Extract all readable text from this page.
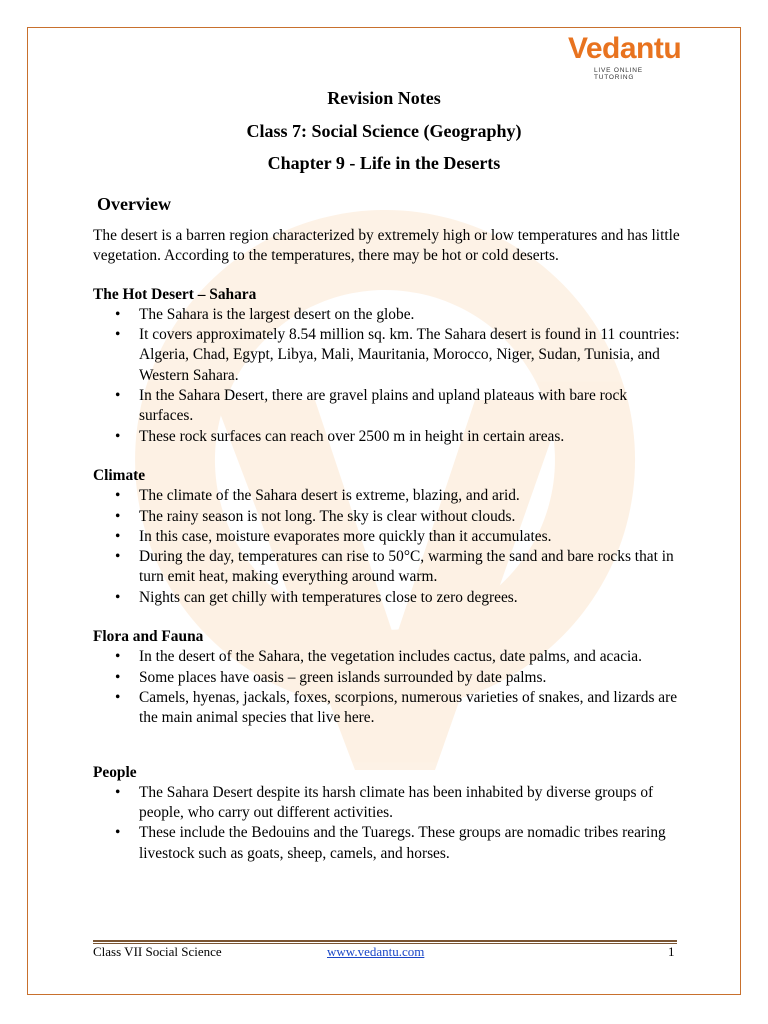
Vedantu
LIVE ONLINE TUTORING
Revision Notes
Class 7: Social Science (Geography)
Chapter 9 - Life in the Deserts
Overview

The desert is a barren region characterized by extremely high or low temperatures and has little vegetation. According to the temperatures, there may be hot or cold deserts.

The Hot Desert – Sahara

• The Sahara is the largest desert on the globe.
• It covers approximately 8.54 million sq. km. The Sahara desert is found in 11 countries: Algeria, Chad, Egypt, Libya, Mali, Mauritania, Morocco, Niger, Sudan, Tunisia, and Western Sahara.
• In the Sahara Desert, there are gravel plains and upland plateaus with bare rock surfaces.
• These rock surfaces can reach over 2500 m in height in certain areas.

Climate

• The climate of the Sahara desert is extreme, blazing, and arid.
• The rainy season is not long. The sky is clear without clouds.
• In this case, moisture evaporates more quickly than it accumulates.
• During the day, temperatures can rise to 50°C, warming the sand and bare rocks that in turn emit heat, making everything around warm.
• Nights can get chilly with temperatures close to zero degrees.

Flora and Fauna

• In the desert of the Sahara, the vegetation includes cactus, date palms, and acacia.
• Some places have oasis – green islands surrounded by date palms.
• Camels, hyenas, jackals, foxes, scorpions, numerous varieties of snakes, and lizards are the main animal species that live here.

People

• The Sahara Desert despite its harsh climate has been inhabited by diverse groups of people, who carry out different activities.
• These include the Bedouins and the Tuaregs. These groups are nomadic tribes rearing livestock such as goats, sheep, camels, and horses.
Class VII Social Science	www.vedantu.com	1
